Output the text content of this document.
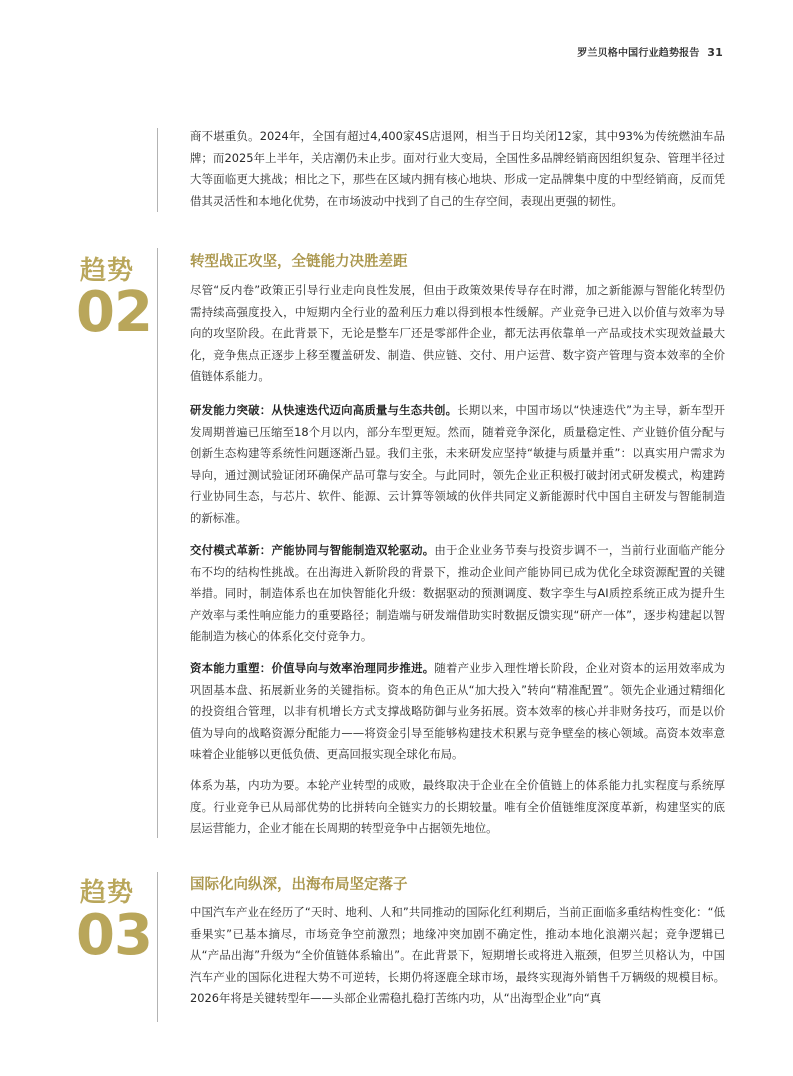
罗兰贝格中国行业趋势报告 31

商不堪重负。2024年，全国有超过4,400家4S店退网，相当于日均关闭12家，其中93%为传统燃油车品牌；而2025年上半年，关店潮仍未止步。面对行业大变局，全国性多品牌经销商因组织复杂、管理半径过大等面临更大挑战；相比之下，那些在区域内拥有核心地块、形成一定品牌集中度的中型经销商，反而凭借其灵活性和本地化优势，在市场波动中找到了自己的生存空间，表现出更强的韧性。

趋势
02
转型战正攻坚，全链能力决胜差距

尽管“反内卷”政策正引导行业走向良性发展，但由于政策效果传导存在时滞，加之新能源与智能化转型仍需持续高强度投入，中短期内全行业的盈利压力难以得到根本性缓解。产业竞争已进入以价值与效率为导向的攻坚阶段。在此背景下，无论是整车厂还是零部件企业，都无法再依靠单一产品或技术实现效益最大化，竞争焦点正逐步上移至覆盖研发、制造、供应链、交付、用户运营、数字资产管理与资本效率的全价值链体系能力。

研发能力突破：从快速迭代迈向高质量与生态共创。长期以来，中国市场以“快速迭代”为主导，新车型开发周期普遍已压缩至18个月以内，部分车型更短。然而，随着竞争深化，质量稳定性、产业链价值分配与创新生态构建等系统性问题逐渐凸显。我们主张，未来研发应坚持“敏捷与质量并重”：以真实用户需求为导向，通过测试验证闭环确保产品可靠与安全。与此同时，领先企业正积极打破封闭式研发模式，构建跨行业协同生态，与芯片、软件、能源、云计算等领域的伙伴共同定义新能源时代中国自主研发与智能制造的新标准。

交付模式革新：产能协同与智能制造双轮驱动。由于企业业务节奏与投资步调不一，当前行业面临产能分布不均的结构性挑战。在出海进入新阶段的背景下，推动企业间产能协同已成为优化全球资源配置的关键举措。同时，制造体系也在加快智能化升级：数据驱动的预测调度、数字孪生与AI质控系统正成为提升生产效率与柔性响应能力的重要路径；制造端与研发端借助实时数据反馈实现“研产一体”，逐步构建起以智能制造为核心的体系化交付竞争力。

资本能力重塑：价值导向与效率治理同步推进。随着产业步入理性增长阶段，企业对资本的运用效率成为巩固基本盘、拓展新业务的关键指标。资本的角色正从“加大投入”转向“精准配置”。领先企业通过精细化的投资组合管理，以非有机增长方式支撑战略防御与业务拓展。资本效率的核心并非财务技巧，而是以价值为导向的战略资源分配能力——将资金引导至能够构建技术积累与竞争壁垒的核心领域。高资本效率意味着企业能够以更低负债、更高回报实现全球化布局。

体系为基，内功为要。本轮产业转型的成败，最终取决于企业在全价值链上的体系能力扎实程度与系统厚度。行业竞争已从局部优势的比拼转向全链实力的长期较量。唯有全价值链维度深度革新，构建坚实的底层运营能力，企业才能在长周期的转型竞争中占据领先地位。

趋势
03
国际化向纵深，出海布局坚定落子

中国汽车产业在经历了“天时、地利、人和”共同推动的国际化红利期后，当前正面临多重结构性变化：“低垂果实”已基本摘尽，市场竞争空前激烈；地缘冲突加剧不确定性，推动本地化浪潮兴起；竞争逻辑已从“产品出海”升级为“全价值链体系输出”。在此背景下，短期增长或将进入瓶颈，但罗兰贝格认为，中国汽车产业的国际化进程大势不可逆转，长期仍将逐鹿全球市场，最终实现海外销售千万辆级的规模目标。2026年将是关键转型年——头部企业需稳扎稳打苦练内功，从“出海型企业”向“真
